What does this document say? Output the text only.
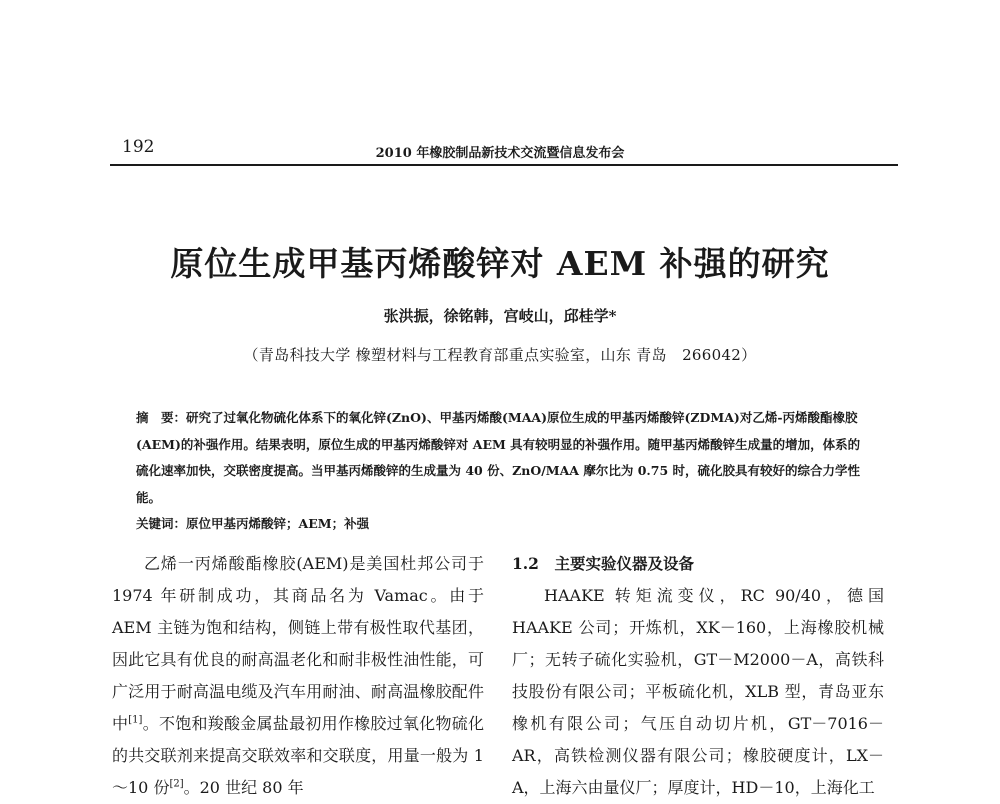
192	2010 年橡胶制品新技术交流暨信息发布会
原位生成甲基丙烯酸锌对 AEM 补强的研究
张洪振，徐铭韩，宫岐山，邱桂学*
（青岛科技大学 橡塑材料与工程教育部重点实验室，山东 青岛　266042）

摘　要：研究了过氧化物硫化体系下的氧化锌(ZnO)、甲基丙烯酸(MAA)原位生成的甲基丙烯酸锌(ZDMA)对乙烯-丙烯酸酯橡胶(AEM)的补强作用。结果表明，原位生成的甲基丙烯酸锌对 AEM 具有较明显的补强作用。随甲基丙烯酸锌生成量的增加，体系的硫化速率加快，交联密度提高。当甲基丙烯酸锌的生成量为 40 份、ZnO/MAA 摩尔比为 0.75 时，硫化胶具有较好的综合力学性能。

关键词：原位甲基丙烯酸锌；AEM；补强

乙烯一丙烯酸酯橡胶(AEM)是美国杜邦公司于1974 年研制成功，其商品名为 Vamac。由于 AEM 主链为饱和结构，侧链上带有极性取代基团，因此它具有优良的耐高温老化和耐非极性油性能，可广泛用于耐高温电缆及汽车用耐油、耐高温橡胶配件中[1]。不饱和羧酸金属盐最初用作橡胶过氧化物硫化的共交联剂来提高交联效率和交联度，用量一般为 1～10 份[2]。20 世纪 80 年

1.2　主要实验仪器及设备

HAAKE 转矩流变仪，RC 90/40，德国 HAAKE 公司；开炼机，XK－160，上海橡胶机械厂；无转子硫化实验机，GT－M2000－A，高铁科技股份有限公司；平板硫化机，XLB 型，青岛亚东橡机有限公司；气压自动切片机，GT－7016－AR，高铁检测仪器有限公司；橡胶硬度计，LX－A，上海六由量仪厂；厚度计，HD－10，上海化工
